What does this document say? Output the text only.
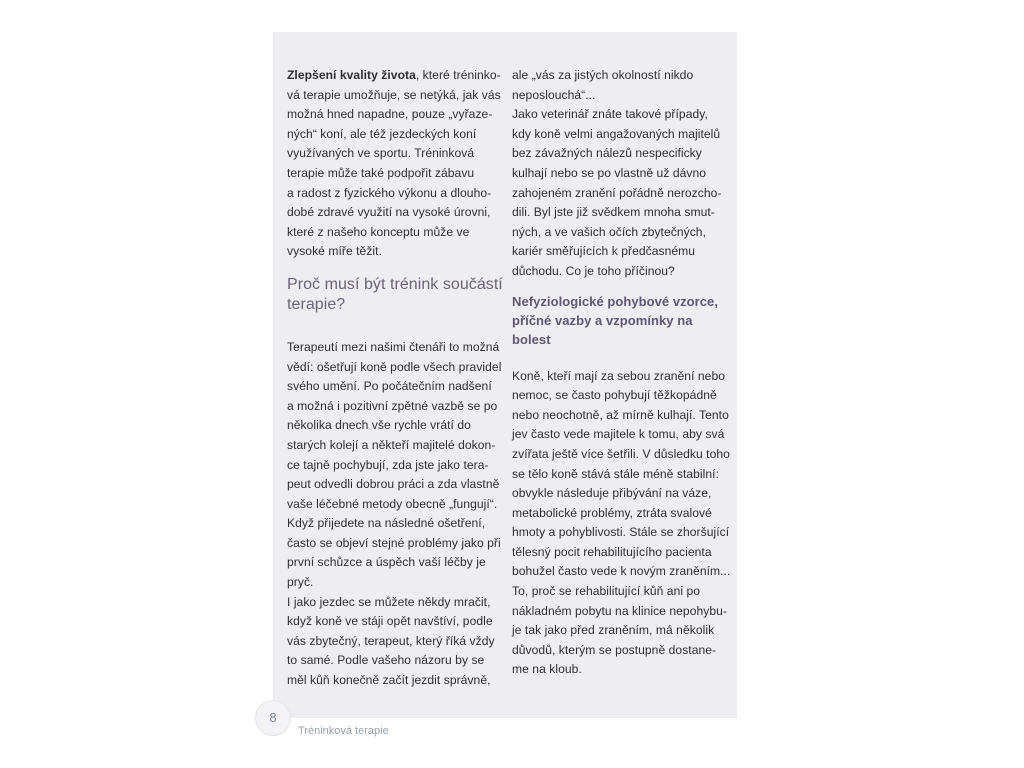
Zlepšení kvality života, které tréninko-
vá terapie umožňuje, se netýká, jak vás
možná hned napadne, pouze „vyřaze-
ných“ koní, ale též jezdeckých koní
využívaných ve sportu. Tréninková
terapie může také podpořit zábavu
a radost z fyzického výkonu a dlouho-
dobé zdravé využití na vysoké úrovni,
které z našeho konceptu může ve
vysoké míře těžit.
Proč musí být trénink součástí
terapie?
Terapeutí mezi našimi čtenáři to možná
vědí: ošetřují koně podle všech pravidel
svého umění. Po počátečním nadšení
a možná i pozitivní zpětné vazbě se po
několika dnech vše rychle vrátí do
starých kolejí a někteří majitelé dokon-
ce tajně pochybují, zda jste jako tera-
peut odvedli dobrou práci a zda vlastně
vaše léčebné metody obecně „fungují“.
Když přijedete na následné ošetření,
často se objeví stejné problémy jako při
první schůzce a úspěch vaší léčby je
pryč.
I jako jezdec se můžete někdy mračit,
když koně ve stáji opět navštíví, podle
vás zbytečný, terapeut, který říká vždy
to samé. Podle vašeho názoru by se
měl kůň konečně začít jezdit správně,
ale „vás za jistých okolností nikdo
neposlouchá“...
Jako veterinář znáte takové případy,
kdy koně velmi angažovaných majitelů
bez závažných nálezů nespecificky
kulhají nebo se po vlastně už dávno
zahojeném zranění pořádně nerozcho-
dili. Byl jste již svědkem mnoha smut-
ných, a ve vašich očích zbytečných,
kariér směřujících k předčasnému
důchodu. Co je toho příčinou?
Nefyziologické pohybové vzorce,
příčné vazby a vzpomínky na
bolest
Koně, kteří mají za sebou zranění nebo
nemoc, se často pohybují těžkopádně
nebo neochotně, až mírně kulhají. Tento
jev často vede majitele k tomu, aby svá
zvířata ještě více šetřili. V důsledku toho
se tělo koně stává stále méně stabilní:
obvykle následuje přibývání na váze,
metabolické problémy, ztráta svalové
hmoty a pohyblivosti. Stále se zhoršující
tělesný pocit rehabilitujícího pacienta
bohužel často vede k novým zraněním...
To, proč se rehabilitující kůň ani po
nákladném pobytu na klinice nepohybu-
je tak jako před zraněním, má několik
důvodů, kterým se postupně dostane-
me na kloub.
8
Tréninková terapie
